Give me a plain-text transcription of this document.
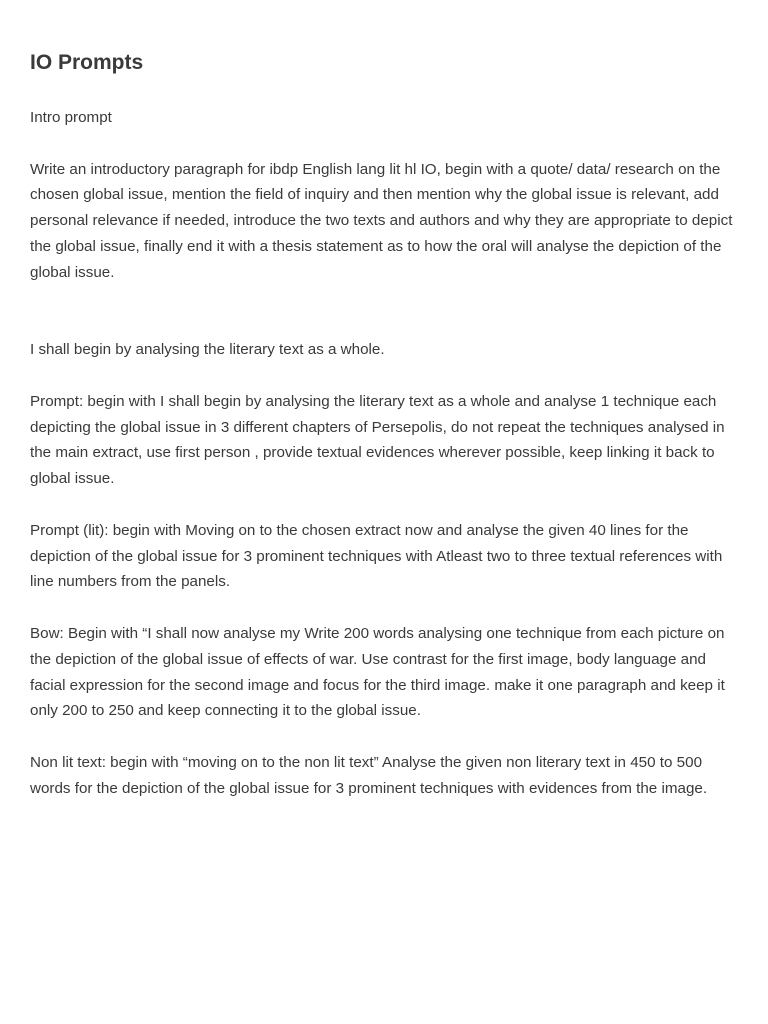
IO Prompts

Intro prompt

Write an introductory paragraph for ibdp English lang lit hl IO, begin with a quote/ data/ research on the chosen global issue, mention the field of inquiry and then mention why the global issue is relevant, add personal relevance if needed, introduce the two texts and authors and why they are appropriate to depict the global issue, finally end it with a thesis statement as to how the oral will analyse the depiction of the global issue.

I shall begin by analysing the literary text as a whole.

Prompt: begin with I shall begin by analysing the literary text as a whole and analyse 1 technique each depicting the global issue in 3 different chapters of Persepolis, do not repeat the techniques analysed in the main extract, use first person , provide textual evidences wherever possible, keep linking it back to global issue.

Prompt (lit): begin with Moving on to the chosen extract now and analyse the given 40 lines for the depiction of the global issue for 3 prominent techniques with Atleast two to three textual references with line numbers from the panels.

Bow: Begin with “I shall now analyse my Write 200 words analysing one technique from each picture on the depiction of the global issue of effects of war. Use contrast for the first image, body language and facial expression for the second image and focus for the third image. make it one paragraph and keep it only 200 to 250 and keep connecting it to the global issue.

Non lit text: begin with “moving on to the non lit text” Analyse the given non literary text in 450 to 500 words for the depiction of the global issue for 3 prominent techniques with evidences from the image.
